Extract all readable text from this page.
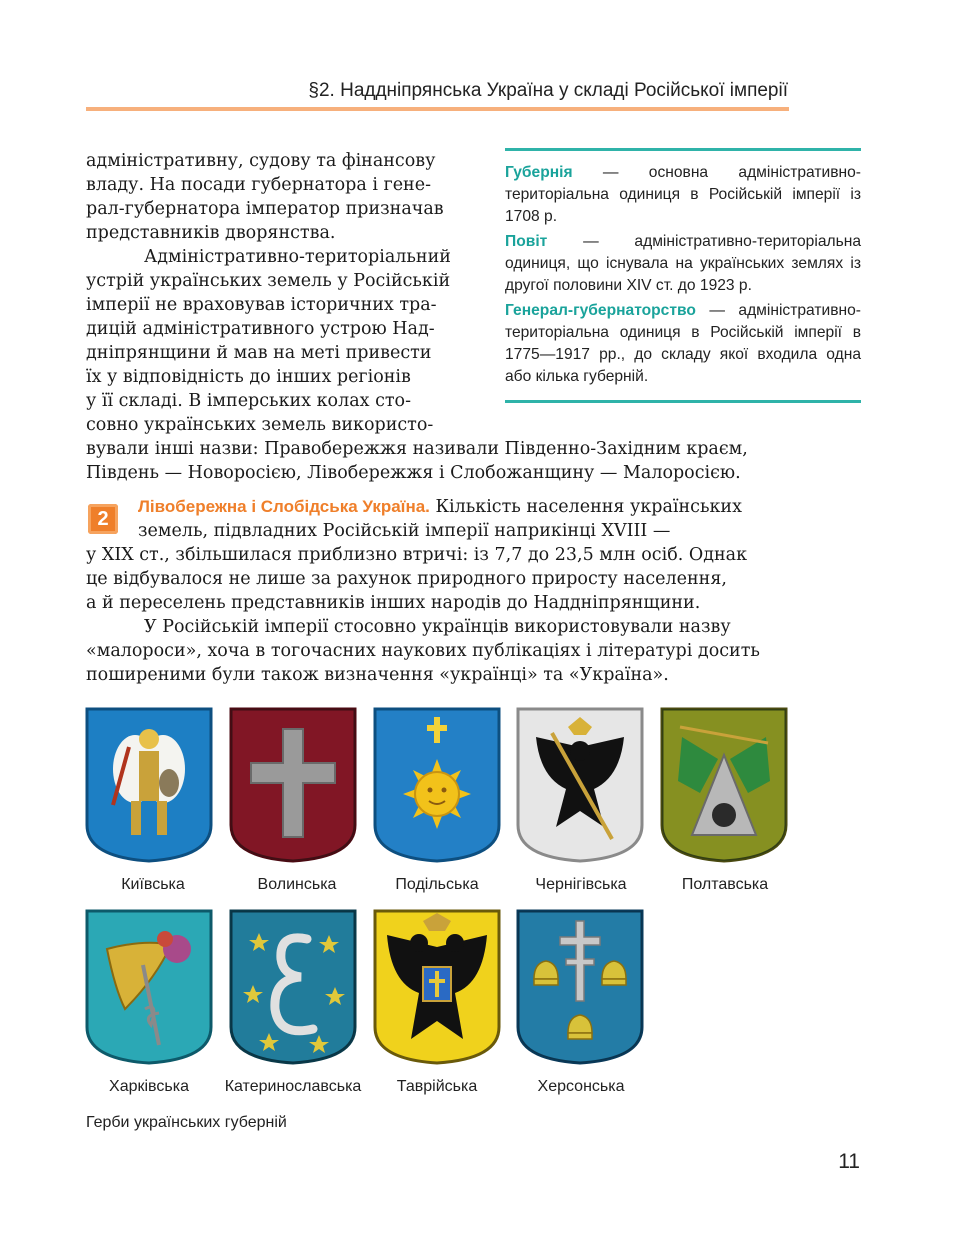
§2. Наддніпрянська Україна у складі Російської імперії

адміністративну, судову та фінансову
владу. На посади губернатора і гене-
рал-губернатора імператор призначав
представників дворянства.

Адміністративно-територіальний
устрій українських земель у Російській
імперії не враховував історичних тра-
дицій адміністративного устрою Над-
дніпрянщини й мав на меті привести
їх у відповідність до інших регіонів
у її складі. В імперських колах сто-
совно українських земель використо-

вували інші назви: Правобережжя називали Південно-Західним краєм,
Південь — Новоросією, Лівобережжя і Слобожанщину — Малоросією.

Губернія — основна адміністративно-територіальна одиниця в Російській імперії із 1708 р.

Повіт — адміністративно-територіальна одиниця, що існувала на українських землях із другої половини XIV ст. до 1923 р.

Генерал-губернаторство — адміністративно-територіальна одиниця в Російській імперії в 1775—1917 рр., до складу якої входила одна або кілька губерній.

2

Лівобережна і Слобідська Україна. Кількість населення українських

земель, підвладних Російській імперії наприкінці XVIII —

у XIX ст., збільшилася приблизно втричі: із 7,7 до 23,5 млн осіб. Однак
це відбувалося не лише за рахунок природного приросту населення,
а й переселень представників інших народів до Наддніпрянщини.

У Російській імперії стосовно українців використовували назву
«малороси», хоча в тогочасних наукових публікаціях і літературі досить
поширеними були також визначення «українці» та «Україна».

Київська	Волинська	Подільська	Чернігівська	Полтавська
Харківська	Катеринославська	Таврійська	Херсонська
Герби українських губерній
11
